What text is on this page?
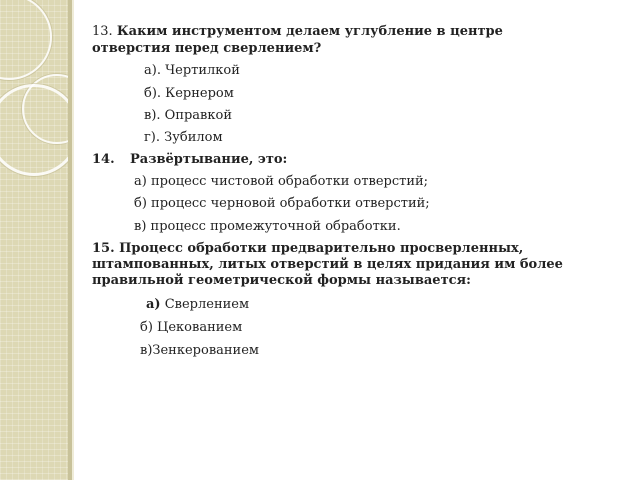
13. Каким инструментом делаем углубление в центре
отверстия перед сверлением?
а). Чертилкой
б). Кернером
в). Оправкой
г). Зубилом
14. Развёртывание, это:
а) процесс чистовой обработки отверстий;
б) процесс черновой обработки отверстий;
в) процесс промежуточной обработки.
15. Процесс обработки предварительно просверленных,
штампованных, литых отверстий в целях придания им более
правильной геометрической формы называется:
а) Сверлением
б) Цекованием
в)Зенкерованием
